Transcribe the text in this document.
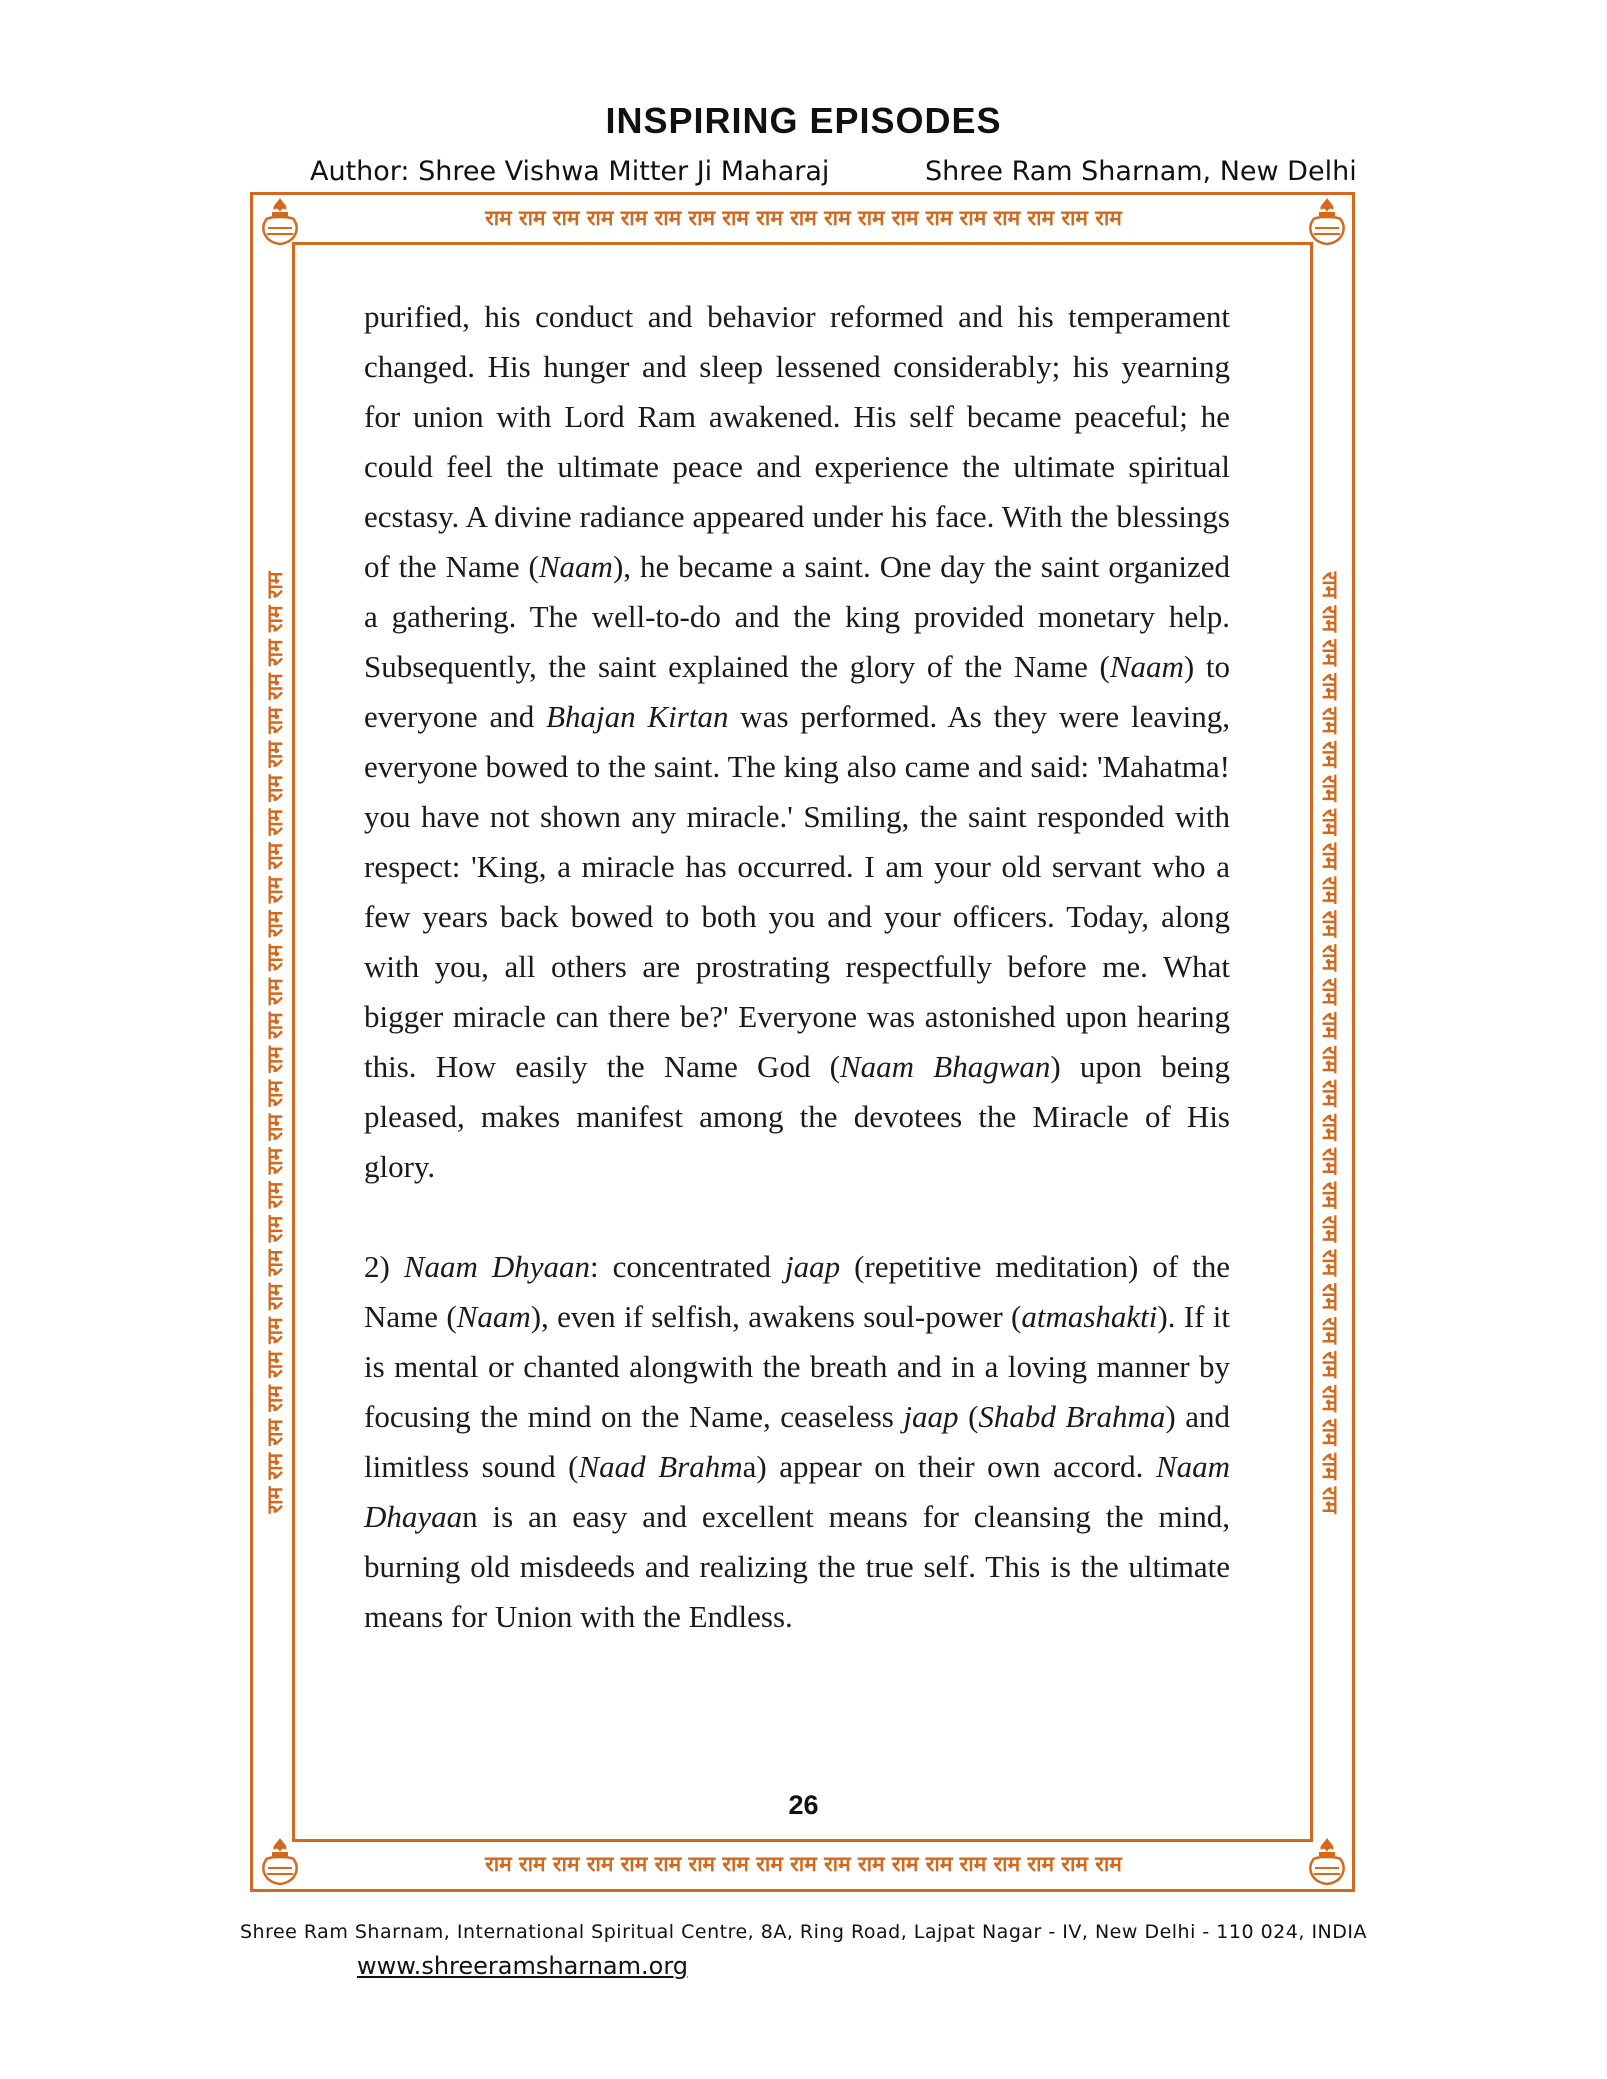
INSPIRING EPISODES
Author: Shree Vishwa Mitter Ji Maharaj	Shree Ram Sharnam, New Delhi
राम राम राम राम राम राम राम राम राम राम राम राम राम राम राम राम राम राम राम
राम राम राम राम राम राम राम राम राम राम राम राम राम राम राम राम राम राम राम
राम राम राम राम राम राम राम राम राम राम राम राम राम राम राम राम राम राम राम राम राम राम राम राम राम राम राम राम	राम राम राम राम राम राम राम राम राम राम राम राम राम राम राम राम राम राम राम राम राम राम राम राम राम राम राम राम

purified, his conduct and behavior reformed and his temperament changed. His hunger and sleep lessened considerably; his yearning for union with Lord Ram awakened. His self became peaceful; he could feel the ultimate peace and experience the ultimate spiritual ecstasy. A divine radiance appeared under his face. With the blessings of the Name (Naam), he became a saint. One day the saint organized a gathering. The well-to-do and the king provided monetary help. Subsequently, the saint explained the glory of the Name (Naam) to everyone and Bhajan Kirtan was performed. As they were leaving, everyone bowed to the saint. The king also came and said: 'Mahatma! you have not shown any miracle.' Smiling, the saint responded with respect: 'King, a miracle has occurred. I am your old servant who a few years back bowed to both you and your officers. Today, along with you, all others are prostrating respectfully before me. What bigger miracle can there be?' Everyone was astonished upon hearing this. How easily the Name God (Naam Bhagwan) upon being pleased, makes manifest among the devotees the Miracle of His glory.

2) Naam Dhyaan: concentrated jaap (repetitive meditation) of the Name (Naam), even if selfish, awakens soul-power (atmashakti). If it is mental or chanted alongwith the breath and in a loving manner by focusing the mind on the Name, ceaseless jaap (Shabd Brahma) and limitless sound (Naad Brahma) appear on their own accord. Naam Dhayaan is an easy and excellent means for cleansing the mind, burning old misdeeds and realizing the true self. This is the ultimate means for Union with the Endless.

26
Shree Ram Sharnam, International Spiritual Centre, 8A, Ring Road, Lajpat Nagar - IV, New Delhi - 110 024, INDIA
www.shreeramsharnam.org
